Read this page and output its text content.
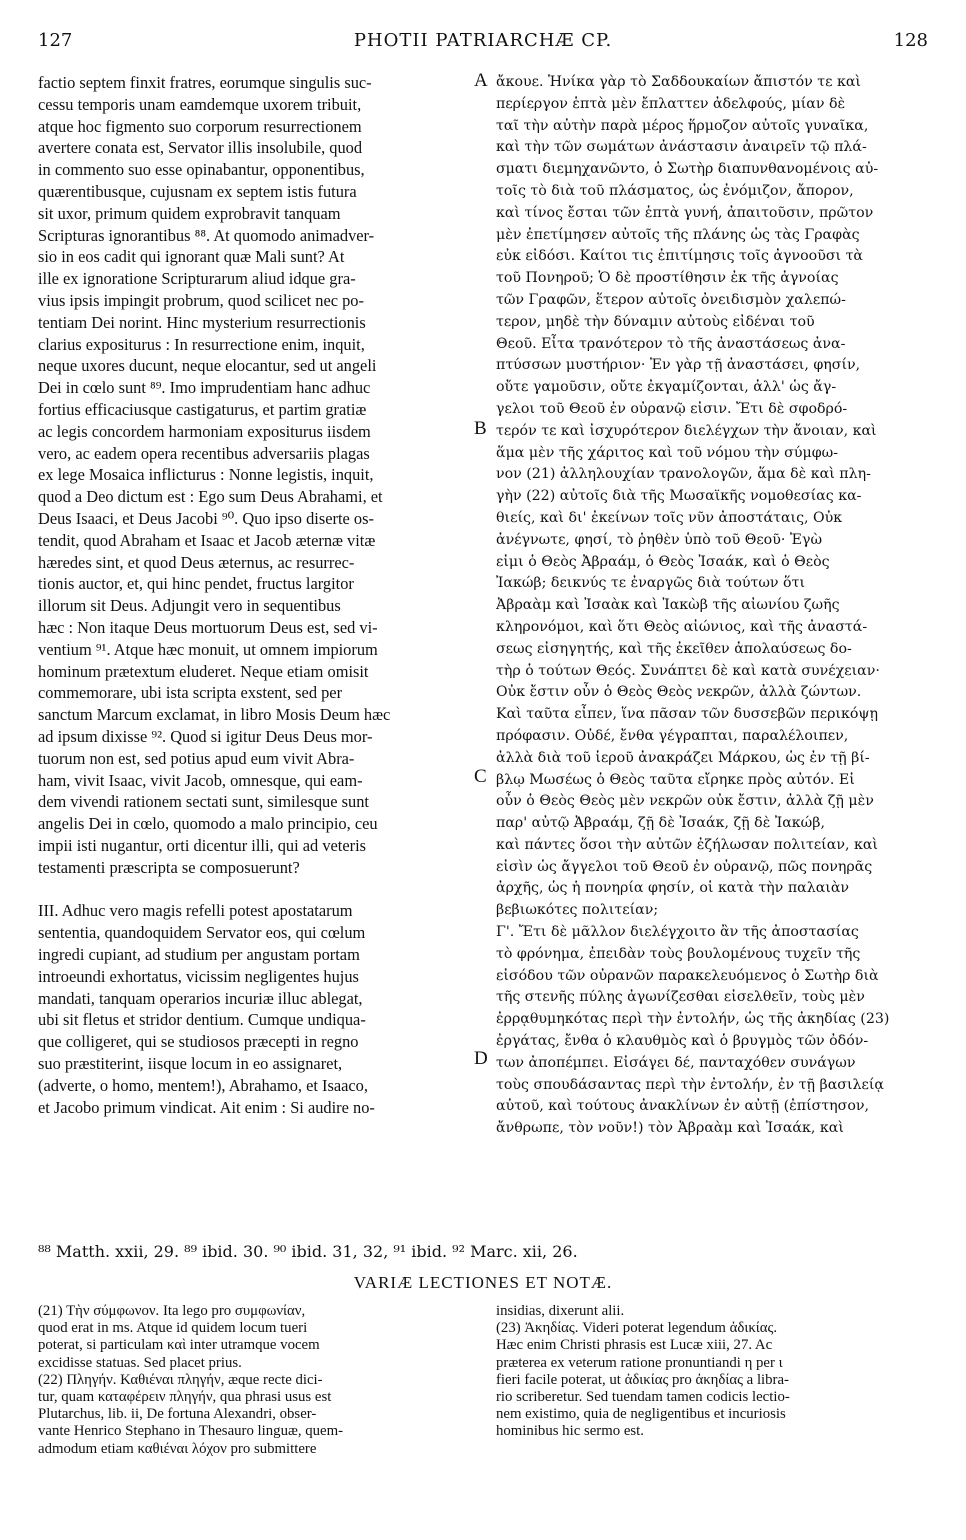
127	PHOTII PATRIARCHÆ CP.	128
factio septem finxit fratres, eorumque singulis suc-
cessu temporis unam eamdemque uxorem tribuit,
atque hoc figmento suo corporum resurrectionem
avertere conata est, Servator illis insolubile, quod
in commento suo esse opinabantur, opponentibus,
quærentibusque, cujusnam ex septem istis futura
sit uxor, primum quidem exprobravit tanquam
Scripturas ignorantibus ⁸⁸. At quomodo animadver-
sio in eos cadit qui ignorant quæ Mali sunt? At
ille ex ignoratione Scripturarum aliud idque gra-
vius ipsis impingit probrum, quod scilicet nec po-
tentiam Dei norint. Hinc mysterium resurrectionis
clarius expositurus : In resurrectione enim, inquit,
neque uxores ducunt, neque elocantur, sed ut angeli
Dei in cœlo sunt ⁸⁹. Imo imprudentiam hanc adhuc
fortius efficaciusque castigaturus, et partim gratiæ
ac legis concordem harmoniam expositurus iisdem
vero, ac eadem opera recentibus adversariis plagas
ex lege Mosaica inflicturus : Nonne legistis, inquit,
quod a Deo dictum est : Ego sum Deus Abrahami, et
Deus Isaaci, et Deus Jacobi ⁹⁰. Quo ipso diserte os-
tendit, quod Abraham et Isaac et Jacob æternæ vitæ
hæredes sint, et quod Deus æternus, ac resurrec-
tionis auctor, et, qui hinc pendet, fructus largitor
illorum sit Deus. Adjungit vero in sequentibus
hæc : Non itaque Deus mortuorum Deus est, sed vi-
ventium ⁹¹. Atque hæc monuit, ut omnem impiorum
hominum prætextum eluderet. Neque etiam omisit
commemorare, ubi ista scripta exstent, sed per
sanctum Marcum exclamat, in libro Mosis Deum hæc
ad ipsum dixisse ⁹². Quod si igitur Deus Deus mor-
tuorum non est, sed potius apud eum vivit Abra-
ham, vivit Isaac, vivit Jacob, omnesque, qui eam-
dem vivendi rationem sectati sunt, similesque sunt
angelis Dei in cœlo, quomodo a malo principio, ceu
impii isti nugantur, orti dicentur illi, qui ad veteris
testamenti præscripta se composuerunt?
III. Adhuc vero magis refelli potest apostatarum
sententia, quandoquidem Servator eos, qui cœlum
ingredi cupiant, ad studium per angustam portam
introeundi exhortatus, vicissim negligentes hujus
mandati, tanquam operarios incuriæ illuc ablegat,
ubi sit fletus et stridor dentium. Cumque undiqua-
que colligeret, qui se studiosos præcepti in regno
suo præstiterint, iisque locum in eo assignaret,
(adverte, o homo, mentem!), Abrahamo, et Isaaco,
et Jacobo primum vindicat. Ait enim : Si audire no-
ἄκουε. Ἡνίκα γὰρ τὸ Σαδδουκαίων ἄπιστόν τε καὶ
περίεργον ἑπτὰ μὲν ἔπλαττεν ἀδελφούς, μίαν δὲ
ταῖ τὴν αὐτὴν παρὰ μέρος ἥρμοζον αὐτοῖς γυναῖκα,
καὶ τὴν τῶν σωμάτων ἀνάστασιν ἀναιρεῖν τῷ πλά-
σματι διεμηχανῶντο, ὁ Σωτὴρ διαπυνθανομένοις αὐ-
τοῖς τὸ διὰ τοῦ πλάσματος, ὡς ἐνόμιζον, ἄπορον,
καὶ τίνος ἔσται τῶν ἑπτὰ γυνή, ἀπαιτοῦσιν, πρῶτον
μὲν ἐπετίμησεν αὐτοῖς τῆς πλάνης ὡς τὰς Γραφὰς
εὐκ εἰδόσι. Καίτοι τις ἐπιτίμησις τοῖς ἀγνοοῦσι τὰ
τοῦ Πονηροῦ; Ὁ δὲ προστίθησιν ἐκ τῆς ἀγνοίας
τῶν Γραφῶν, ἕτερον αὐτοῖς ὀνειδισμὸν χαλεπώ-
τερον, μηδὲ τὴν δύναμιν αὐτοὺς εἰδέναι τοῦ
Θεοῦ. Εἶτα τρανότερον τὸ τῆς ἀναστάσεως ἀνα-
πτύσσων μυστήριον· Ἐν γὰρ τῇ ἀναστάσει, φησίν,
οὔτε γαμοῦσιν, οὔτε ἐκγαμίζονται, ἀλλ' ὡς ἄγ-
γελοι τοῦ Θεοῦ ἐν οὐρανῷ εἰσιν. Ἔτι δὲ σφοδρό-
τερόν τε καὶ ἰσχυρότερον διελέγχων τὴν ἄνοιαν, καὶ
ἅμα μὲν τῆς χάριτος καὶ τοῦ νόμου τὴν σύμφω-
νον (21) ἀλληλουχίαν τρανολογῶν, ἅμα δὲ καὶ πλη-
γὴν (22) αὐτοῖς διὰ τῆς Μωσαϊκῆς νομοθεσίας κα-
θιείς, καὶ δι' ἐκείνων τοῖς νῦν ἀποστάταις, Οὐκ
ἀνέγνωτε, φησί, τὸ ῥηθὲν ὑπὸ τοῦ Θεοῦ· Ἐγὼ
εἰμι ὁ Θεὸς Ἀβραάμ, ὁ Θεὸς Ἰσαάκ, καὶ ὁ Θεὸς
Ἰακώβ; δεικνύς τε ἐναργῶς διὰ τούτων ὅτι
Ἀβραὰμ καὶ Ἰσαὰκ καὶ Ἰακὼβ τῆς αἰωνίου ζωῆς
κληρονόμοι, καὶ ὅτι Θεὸς αἰώνιος, καὶ τῆς ἀναστά-
σεως εἰσηγητής, καὶ τῆς ἐκεῖθεν ἀπολαύσεως δο-
τὴρ ὁ τούτων Θεός. Συνάπτει δὲ καὶ κατὰ συνέχειαν·
Οὐκ ἔστιν οὖν ὁ Θεὸς Θεὸς νεκρῶν, ἀλλὰ ζώντων.
Καὶ ταῦτα εἶπεν, ἵνα πᾶσαν τῶν δυσσεβῶν περικόψῃ
πρόφασιν. Οὐδέ, ἔνθα γέγραπται, παραλέλοιπεν,
ἀλλὰ διὰ τοῦ ἱεροῦ ἀνακράζει Μάρκου, ὡς ἐν τῇ βί-
βλῳ Μωσέως ὁ Θεὸς ταῦτα εἴρηκε πρὸς αὐτόν. Εἰ
οὖν ὁ Θεὸς Θεὸς μὲν νεκρῶν οὐκ ἔστιν, ἀλλὰ ζῇ μὲν
παρ' αὐτῷ Ἀβραάμ, ζῇ δὲ Ἰσαάκ, ζῇ δὲ Ἰακώβ,
καὶ πάντες ὅσοι τὴν αὐτῶν ἐζήλωσαν πολιτείαν, καὶ
εἰσὶν ὡς ἄγγελοι τοῦ Θεοῦ ἐν οὐρανῷ, πῶς πονηρᾶς
ἀρχῆς, ὡς ἡ πονηρία φησίν, οἱ κατὰ τὴν παλαιὰν
βεβιωκότες πολιτείαν;
Γ'. Ἔτι δὲ μᾶλλον διελέγχοιτο ἂν τῆς ἀποστασίας
τὸ φρόνημα, ἐπειδὰν τοὺς βουλομένους τυχεῖν τῆς
εἰσόδου τῶν οὐρανῶν παρακελευόμενος ὁ Σωτὴρ διὰ
τῆς στενῆς πύλης ἀγωνίζεσθαι εἰσελθεῖν, τοὺς μὲν
ἐρρᾳθυμηκότας περὶ τὴν ἐντολήν, ὡς τῆς ἀκηδίας (23)
ἐργάτας, ἔνθα ὁ κλαυθμὸς καὶ ὁ βρυγμὸς τῶν ὀδόν-
των ἀποπέμπει. Εἰσάγει δέ, πανταχόθεν συνάγων
τοὺς σπουδάσαντας περὶ τὴν ἐντολήν, ἐν τῇ βασιλείᾳ
αὐτοῦ, καὶ τούτους ἀνακλίνων ἐν αὐτῇ (ἐπίστησον,
ἄνθρωπε, τὸν νοῦν!) τὸν Ἀβραὰμ καὶ Ἰσαάκ, καὶ
A
B
C
D
⁸⁸ Matth. xxii, 29. ⁸⁹ ibid. 30. ⁹⁰ ibid. 31, 32, ⁹¹ ibid. ⁹² Marc. xii, 26.
VARIÆ LECTIONES ET NOTÆ.
(21) Τὴν σύμφωνον. Ita lego pro συμφωνίαν,
quod erat in ms. Atque id quidem locum tueri
poterat, si particulam καὶ inter utramque vocem
excidisse statuas. Sed placet prius.
(22) Πληγήν. Καθιέναι πληγήν, æque recte dici-
tur, quam καταφέρειν πληγήν, qua phrasi usus est
Plutarchus, lib. ii, De fortuna Alexandri, obser-
vante Henrico Stephano in Thesauro linguæ, quem-
admodum etiam καθιέναι λόχον pro submittere
insidias, dixerunt alii.
(23) Ἀκηδίας. Videri poterat legendum ἀδικίας.
Hæc enim Christi phrasis est Lucæ xiii, 27. Ac
præterea ex veterum ratione pronuntiandi η per ι
fieri facile poterat, ut ἀδικίας pro ἀκηδίας a libra-
rio scriberetur. Sed tuendam tamen codicis lectio-
nem existimo, quia de negligentibus et incuriosis
hominibus hic sermo est.
